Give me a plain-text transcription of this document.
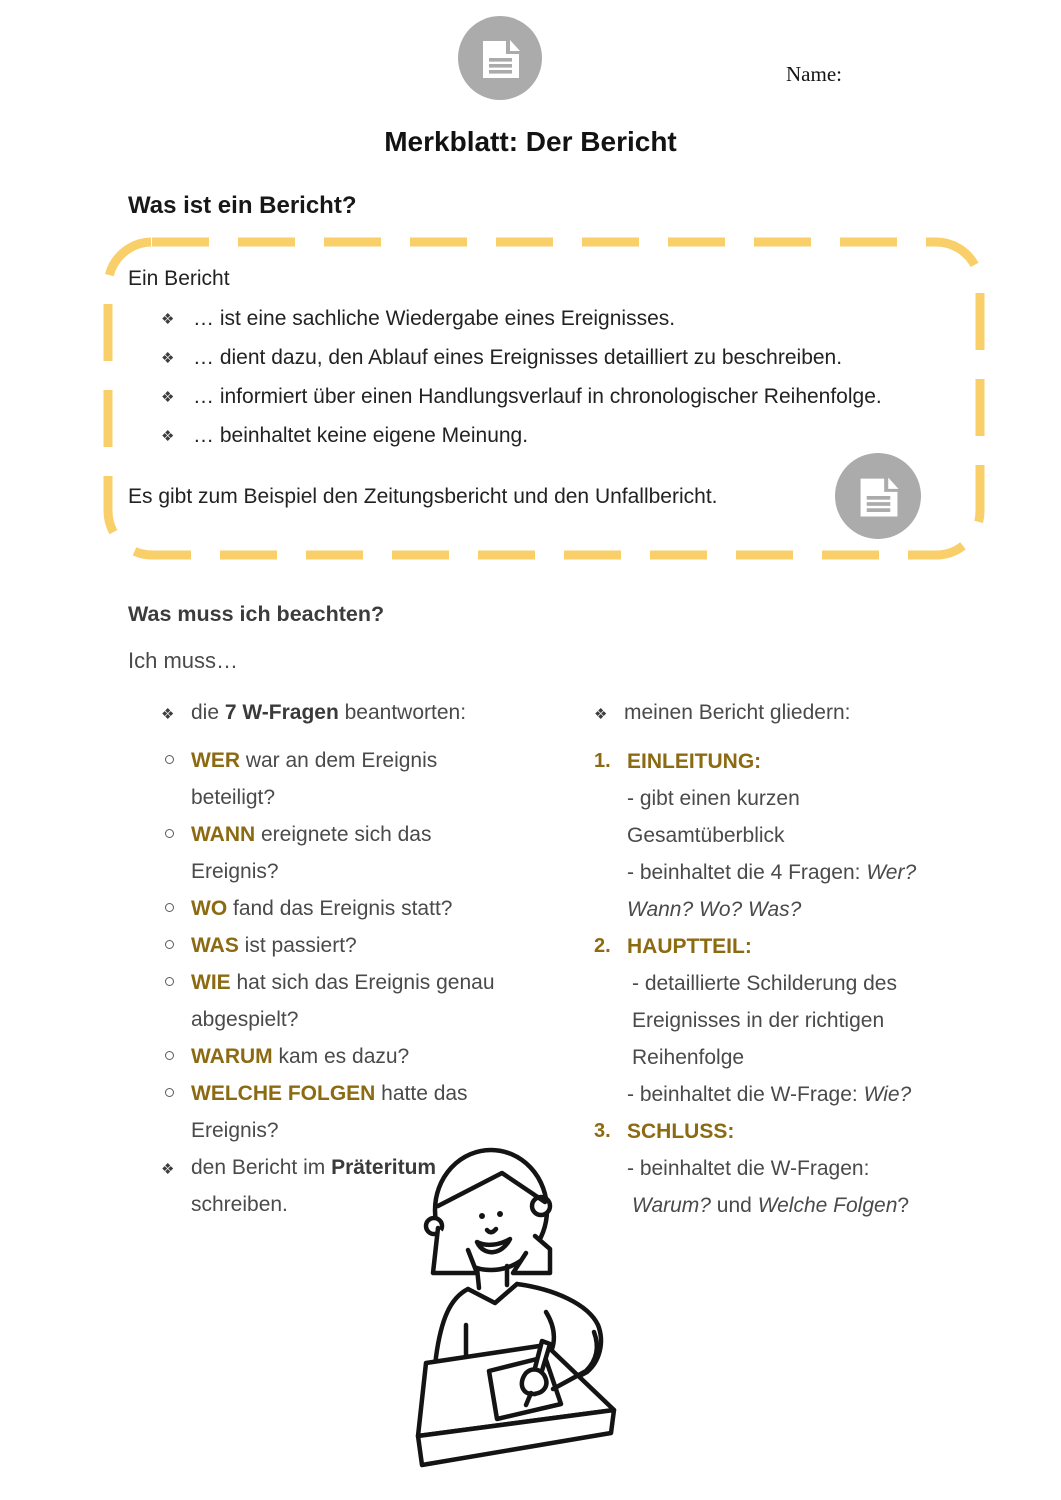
Name:
Merkblatt: Der Bericht
Was ist ein Bericht?

Ein Bericht

❖ … ist eine sachliche Wiedergabe eines Ereignisses.
❖ … dient dazu, den Ablauf eines Ereignisses detailliert zu beschreiben.
❖ … informiert über einen Handlungsverlauf in chronologischer Reihenfolge.
❖ … beinhaltet keine eigene Meinung.

Es gibt zum Beispiel den Zeitungsbericht und den Unfallbericht.

Was muss ich beachten?

Ich muss…

❖ die 7 W-Fragen beantworten:
WER war an dem Ereignis beteiligt?
WANN ereignete sich das Ereignis?
WO fand das Ereignis statt?
WAS ist passiert?
WIE hat sich das Ereignis genau abgespielt?
WARUM kam es dazu?
WELCHE FOLGEN hatte das Ereignis?
❖ den Bericht im Präteritum schreiben.
❖ meinen Bericht gliedern:
1. EINLEITUNG:
- gibt einen kurzen Gesamtüberblick
- beinhaltet die 4 Fragen: Wer? Wann? Wo? Was?
2. HAUPTTEIL:
- detaillierte Schilderung des Ereignisses in der richtigen Reihenfolge
- beinhaltet die W-Frage: Wie?
3. SCHLUSS:
- beinhaltet die W-Fragen:
Warum? und Welche Folgen?
